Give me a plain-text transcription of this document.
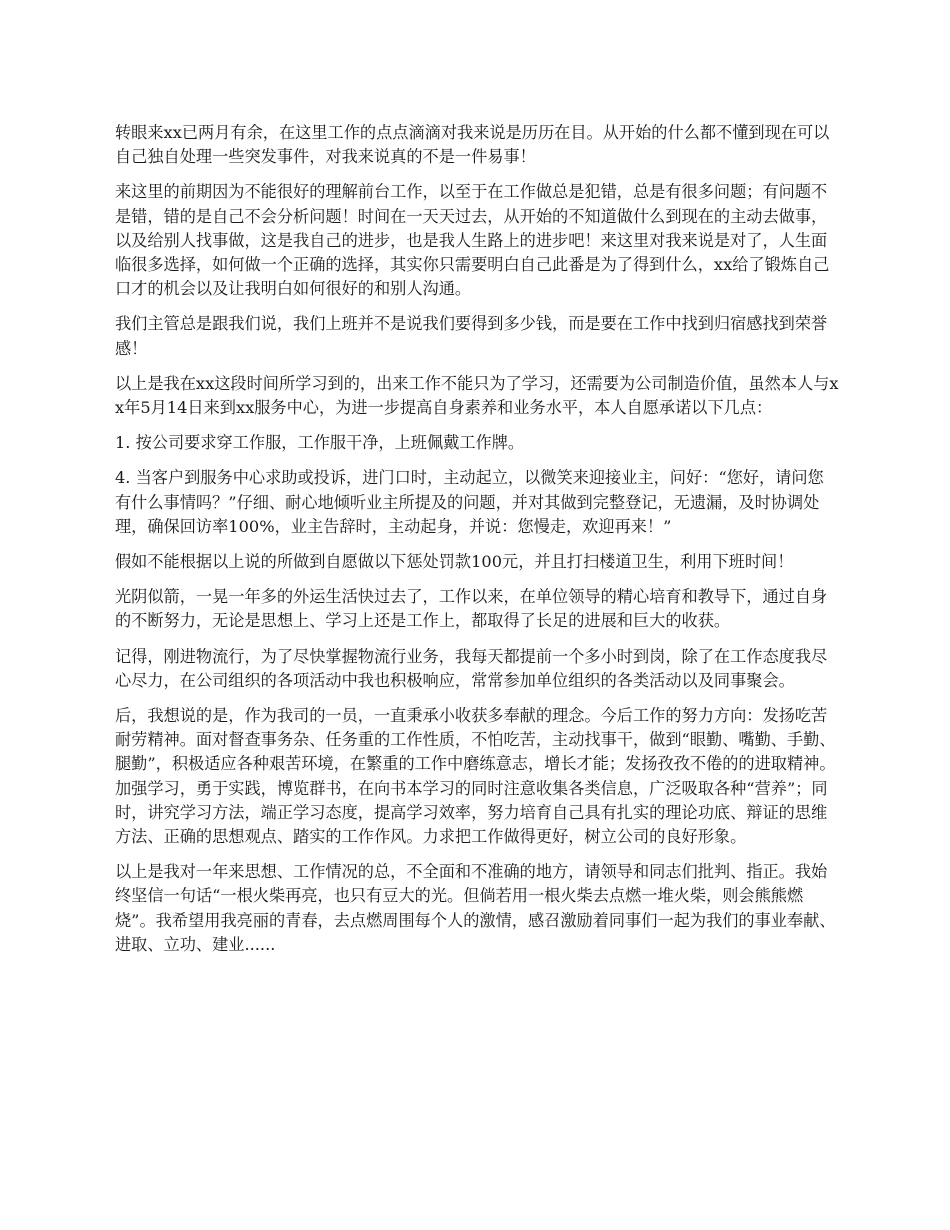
转眼来xx已两月有余，在这里工作的点点滴滴对我来说是历历在目。从开始的什么都不懂到现在可以自己独自处理一些突发事件，对我来说真的不是一件易事！

来这里的前期因为不能很好的理解前台工作，以至于在工作做总是犯错，总是有很多问题；有问题不是错，错的是自己不会分析问题！时间在一天天过去，从开始的不知道做什么到现在的主动去做事，以及给别人找事做，这是我自己的进步，也是我人生路上的进步吧！来这里对我来说是对了，人生面临很多选择，如何做一个正确的选择，其实你只需要明白自己此番是为了得到什么，xx给了锻炼自己口才的机会以及让我明白如何很好的和别人沟通。

我们主管总是跟我们说，我们上班并不是说我们要得到多少钱，而是要在工作中找到归宿感找到荣誉感！

以上是我在xx这段时间所学习到的，出来工作不能只为了学习，还需要为公司制造价值，虽然本人与xx年5月14日来到xx服务中心，为进一步提高自身素养和业务水平，本人自愿承诺以下几点：

1. 按公司要求穿工作服，工作服干净，上班佩戴工作牌。

4. 当客户到服务中心求助或投诉，进门口时，主动起立，以微笑来迎接业主，问好：“您好，请问您有什么事情吗？”仔细、耐心地倾听业主所提及的问题，并对其做到完整登记，无遗漏，及时协调处理，确保回访率100%，业主告辞时，主动起身，并说：您慢走，欢迎再来！”

假如不能根据以上说的所做到自愿做以下惩处罚款100元，并且打扫楼道卫生，利用下班时间！

光阴似箭，一晃一年多的外运生活快过去了，工作以来，在单位领导的精心培育和教导下，通过自身的不断努力，无论是思想上、学习上还是工作上，都取得了长足的进展和巨大的收获。

记得，刚进物流行，为了尽快掌握物流行业务，我每天都提前一个多小时到岗，除了在工作态度我尽心尽力，在公司组织的各项活动中我也积极响应，常常参加单位组织的各类活动以及同事聚会。

后，我想说的是，作为我司的一员，一直秉承小收获多奉献的理念。今后工作的努力方向：发扬吃苦耐劳精神。面对督查事务杂、任务重的工作性质，不怕吃苦，主动找事干，做到“眼勤、嘴勤、手勤、腿勤”，积极适应各种艰苦环境，在繁重的工作中磨练意志，增长才能；发扬孜孜不倦的的进取精神。加强学习，勇于实践，博览群书，在向书本学习的同时注意收集各类信息，广泛吸取各种“营养”；同时，讲究学习方法，端正学习态度，提高学习效率，努力培育自己具有扎实的理论功底、辩证的思维方法、正确的思想观点、踏实的工作作风。力求把工作做得更好，树立公司的良好形象。

以上是我对一年来思想、工作情况的总，不全面和不准确的地方，请领导和同志们批判、指正。我始终坚信一句话“一根火柴再亮，也只有豆大的光。但倘若用一根火柴去点燃一堆火柴，则会熊熊燃烧”。我希望用我亮丽的青春，去点燃周围每个人的激情，感召激励着同事们一起为我们的事业奉献、进取、立功、建业......
